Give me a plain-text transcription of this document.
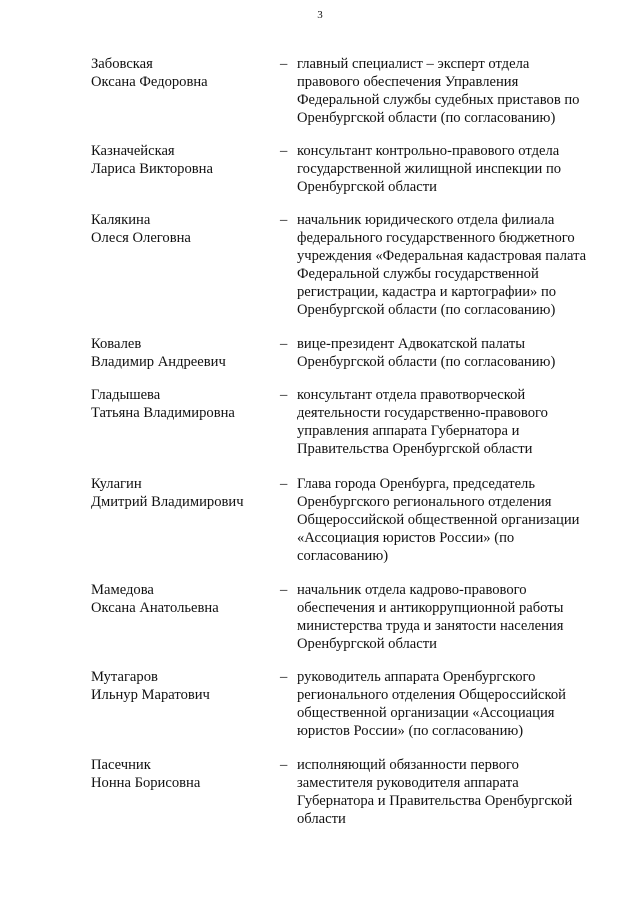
3
Забовская
Оксана Федоровна
– главный специалист – эксперт отдела
правового обеспечения Управления
Федеральной службы судебных приставов по
Оренбургской области (по согласованию)
Казначейская
Лариса Викторовна
– консультант контрольно-правового отдела
государственной жилищной инспекции по
Оренбургской области
Калякина
Олеся Олеговна
– начальник юридического отдела филиала
федерального государственного бюджетного
учреждения «Федеральная кадастровая палата
Федеральной службы государственной
регистрации, кадастра и картографии» по
Оренбургской области (по согласованию)
Ковалев
Владимир Андреевич
– вице-президент Адвокатской палаты
Оренбургской области (по согласованию)
Гладышева
Татьяна Владимировна
– консультант отдела правотворческой
деятельности государственно-правового
управления аппарата Губернатора и
Правительства Оренбургской области
Кулагин
Дмитрий Владимирович
– Глава города Оренбурга, председатель
Оренбургского регионального отделения
Общероссийской общественной организации
«Ассоциация юристов России» (по
согласованию)
Мамедова
Оксана Анатольевна
– начальник отдела кадрово-правового
обеспечения и антикоррупционной работы
министерства труда и занятости населения
Оренбургской области
Мутагаров
Ильнур Маратович
– руководитель аппарата Оренбургского
регионального отделения Общероссийской
общественной организации «Ассоциация
юристов России» (по согласованию)
Пасечник
Нонна Борисовна
– исполняющий обязанности первого
заместителя руководителя аппарата
Губернатора и Правительства Оренбургской
области
